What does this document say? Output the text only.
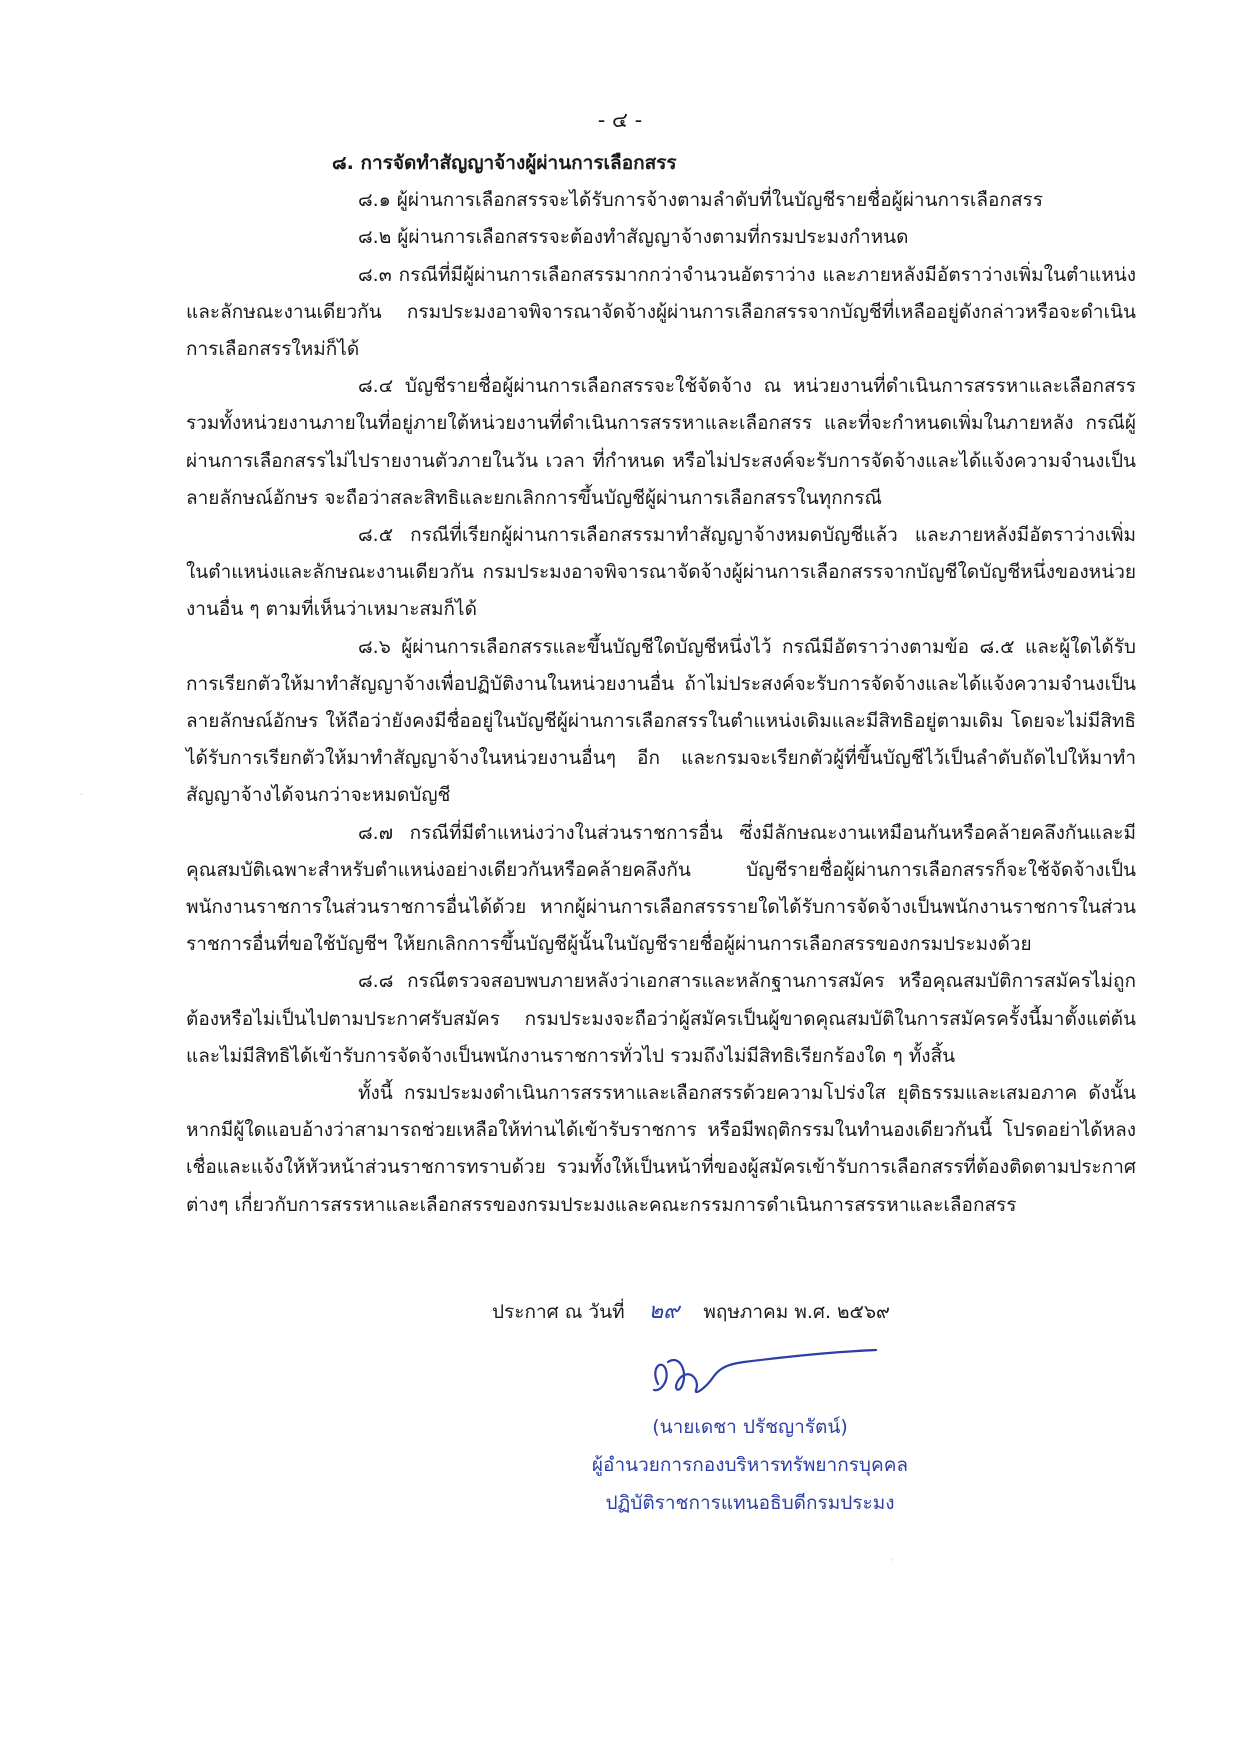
- ๔ -

๘. การจัดทำสัญญาจ้างผู้ผ่านการเลือกสรร

๘.๑ ผู้ผ่านการเลือกสรรจะได้รับการจ้างตามลำดับที่ในบัญชีรายชื่อผู้ผ่านการเลือกสรร

๘.๒ ผู้ผ่านการเลือกสรรจะต้องทำสัญญาจ้างตามที่กรมประมงกำหนด

๘.๓ กรณีที่มีผู้ผ่านการเลือกสรรมากกว่าจำนวนอัตราว่าง และภายหลังมีอัตราว่างเพิ่มในตำแหน่งและลักษณะงานเดียวกัน กรมประมงอาจพิจารณาจัดจ้างผู้ผ่านการเลือกสรรจากบัญชีที่เหลืออยู่ดังกล่าวหรือจะดำเนินการเลือกสรรใหม่ก็ได้

๘.๔ บัญชีรายชื่อผู้ผ่านการเลือกสรรจะใช้จัดจ้าง ณ หน่วยงานที่ดำเนินการสรรหาและเลือกสรร รวมทั้งหน่วยงานภายในที่อยู่ภายใต้หน่วยงานที่ดำเนินการสรรหาและเลือกสรร และที่จะกำหนดเพิ่มในภายหลัง กรณีผู้ผ่านการเลือกสรรไม่ไปรายงานตัวภายในวัน เวลา ที่กำหนด หรือไม่ประสงค์จะรับการจัดจ้างและได้แจ้งความจำนงเป็นลายลักษณ์อักษร จะถือว่าสละสิทธิและยกเลิกการขึ้นบัญชีผู้ผ่านการเลือกสรรในทุกกรณี

๘.๕ กรณีที่เรียกผู้ผ่านการเลือกสรรมาทำสัญญาจ้างหมดบัญชีแล้ว และภายหลังมีอัตราว่างเพิ่มในตำแหน่งและลักษณะงานเดียวกัน กรมประมงอาจพิจารณาจัดจ้างผู้ผ่านการเลือกสรรจากบัญชีใดบัญชีหนึ่งของหน่วยงานอื่น ๆ ตามที่เห็นว่าเหมาะสมก็ได้

๘.๖ ผู้ผ่านการเลือกสรรและขึ้นบัญชีใดบัญชีหนึ่งไว้ กรณีมีอัตราว่างตามข้อ ๘.๕ และผู้ใดได้รับการเรียกตัวให้มาทำสัญญาจ้างเพื่อปฏิบัติงานในหน่วยงานอื่น ถ้าไม่ประสงค์จะรับการจัดจ้างและได้แจ้งความจำนงเป็นลายลักษณ์อักษร ให้ถือว่ายังคงมีชื่ออยู่ในบัญชีผู้ผ่านการเลือกสรรในตำแหน่งเดิมและมีสิทธิอยู่ตามเดิม โดยจะไม่มีสิทธิได้รับการเรียกตัวให้มาทำสัญญาจ้างในหน่วยงานอื่นๆ อีก และกรมจะเรียกตัวผู้ที่ขึ้นบัญชีไว้เป็นลำดับถัดไปให้มาทำสัญญาจ้างได้จนกว่าจะหมดบัญชี

๘.๗ กรณีที่มีตำแหน่งว่างในส่วนราชการอื่น ซึ่งมีลักษณะงานเหมือนกันหรือคล้ายคลึงกันและมีคุณสมบัติเฉพาะสำหรับตำแหน่งอย่างเดียวกันหรือคล้ายคลึงกัน บัญชีรายชื่อผู้ผ่านการเลือกสรรก็จะใช้จัดจ้างเป็นพนักงานราชการในส่วนราชการอื่นได้ด้วย หากผู้ผ่านการเลือกสรรรายใดได้รับการจัดจ้างเป็นพนักงานราชการในส่วนราชการอื่นที่ขอใช้บัญชีฯ ให้ยกเลิกการขึ้นบัญชีผู้นั้นในบัญชีรายชื่อผู้ผ่านการเลือกสรรของกรมประมงด้วย

๘.๘ กรณีตรวจสอบพบภายหลังว่าเอกสารและหลักฐานการสมัคร หรือคุณสมบัติการสมัครไม่ถูกต้องหรือไม่เป็นไปตามประกาศรับสมัคร กรมประมงจะถือว่าผู้สมัครเป็นผู้ขาดคุณสมบัติในการสมัครครั้งนี้มาตั้งแต่ต้น และไม่มีสิทธิได้เข้ารับการจัดจ้างเป็นพนักงานราชการทั่วไป รวมถึงไม่มีสิทธิเรียกร้องใด ๆ ทั้งสิ้น

ทั้งนี้ กรมประมงดำเนินการสรรหาและเลือกสรรด้วยความโปร่งใส ยุติธรรมและเสมอภาค ดังนั้น หากมีผู้ใดแอบอ้างว่าสามารถช่วยเหลือให้ท่านได้เข้ารับราชการ หรือมีพฤติกรรมในทำนองเดียวกันนี้ โปรดอย่าได้หลงเชื่อและแจ้งให้หัวหน้าส่วนราชการทราบด้วย รวมทั้งให้เป็นหน้าที่ของผู้สมัครเข้ารับการเลือกสรรที่ต้องติดตามประกาศต่างๆ เกี่ยวกับการสรรหาและเลือกสรรของกรมประมงและคณะกรรมการดำเนินการสรรหาและเลือกสรร

ประกาศ ณ วันที่ ๒๙ พฤษภาคม พ.ศ. ๒๕๖๙
(นายเดชา ปรัชญารัตน์)
ผู้อำนวยการกองบริหารทรัพยากรบุคคล
ปฏิบัติราชการแทนอธิบดีกรมประมง
·
·
